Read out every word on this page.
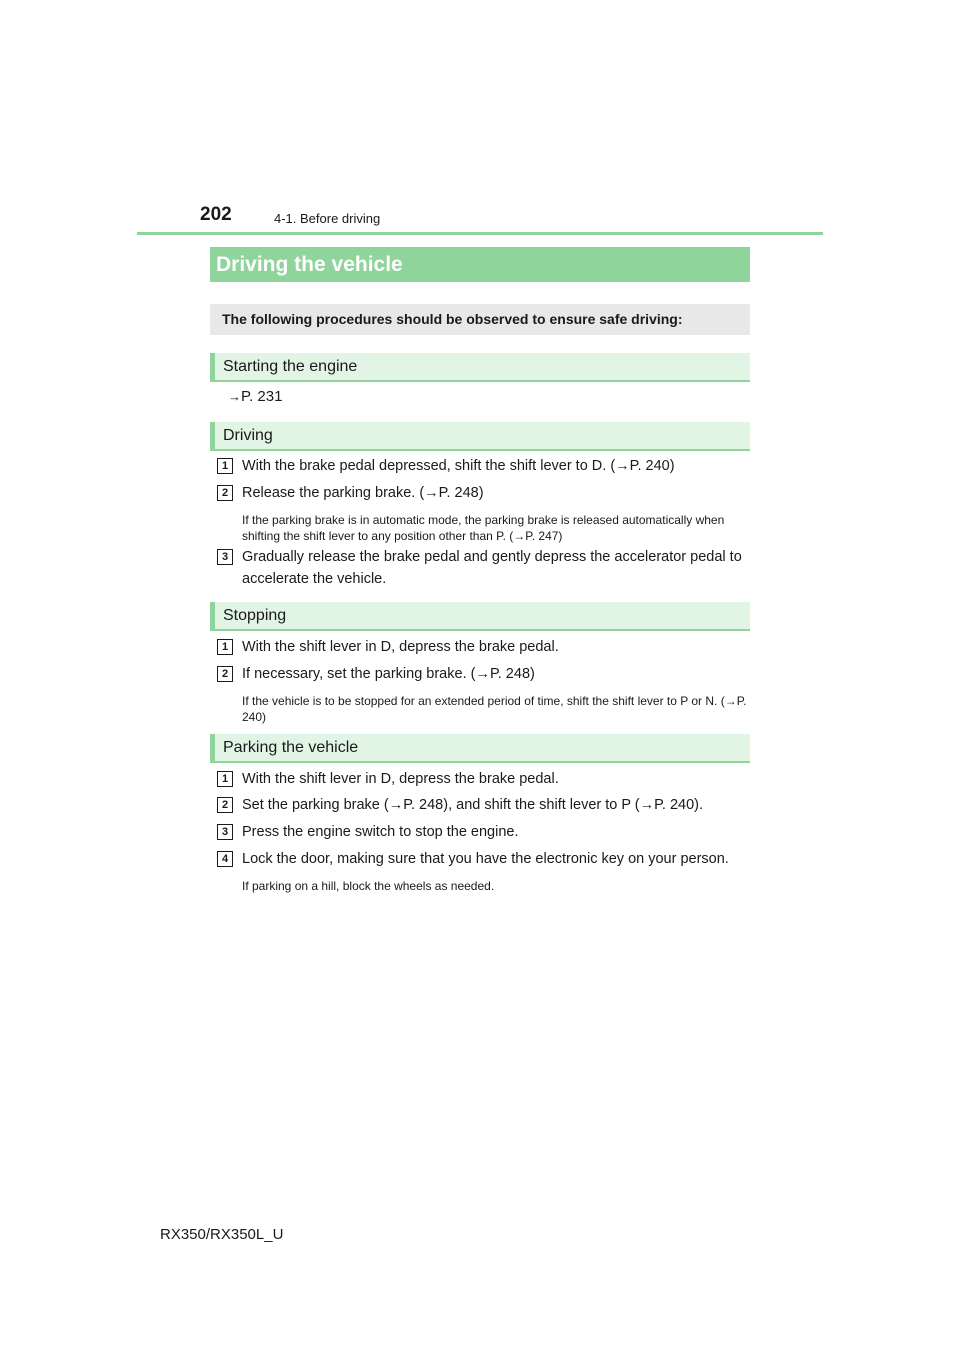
202	4-1. Before driving
Driving the vehicle
The following procedures should be observed to ensure safe driving:
Starting the engine
→P. 231
Driving
1 With the brake pedal depressed, shift the shift lever to D. (→P. 240)
2 Release the parking brake. (→P. 248)
If the parking brake is in automatic mode, the parking brake is released automatically when shifting the shift lever to any position other than P. (→P. 247)
3 Gradually release the brake pedal and gently depress the accelerator pedal to accelerate the vehicle.
Stopping
1 With the shift lever in D, depress the brake pedal.
2 If necessary, set the parking brake. (→P. 248)
If the vehicle is to be stopped for an extended period of time, shift the shift lever to P or N. (→P. 240)
Parking the vehicle
1 With the shift lever in D, depress the brake pedal.
2 Set the parking brake (→P. 248), and shift the shift lever to P (→P. 240).
3 Press the engine switch to stop the engine.
4 Lock the door, making sure that you have the electronic key on your person.
If parking on a hill, block the wheels as needed.
RX350/RX350L_U
